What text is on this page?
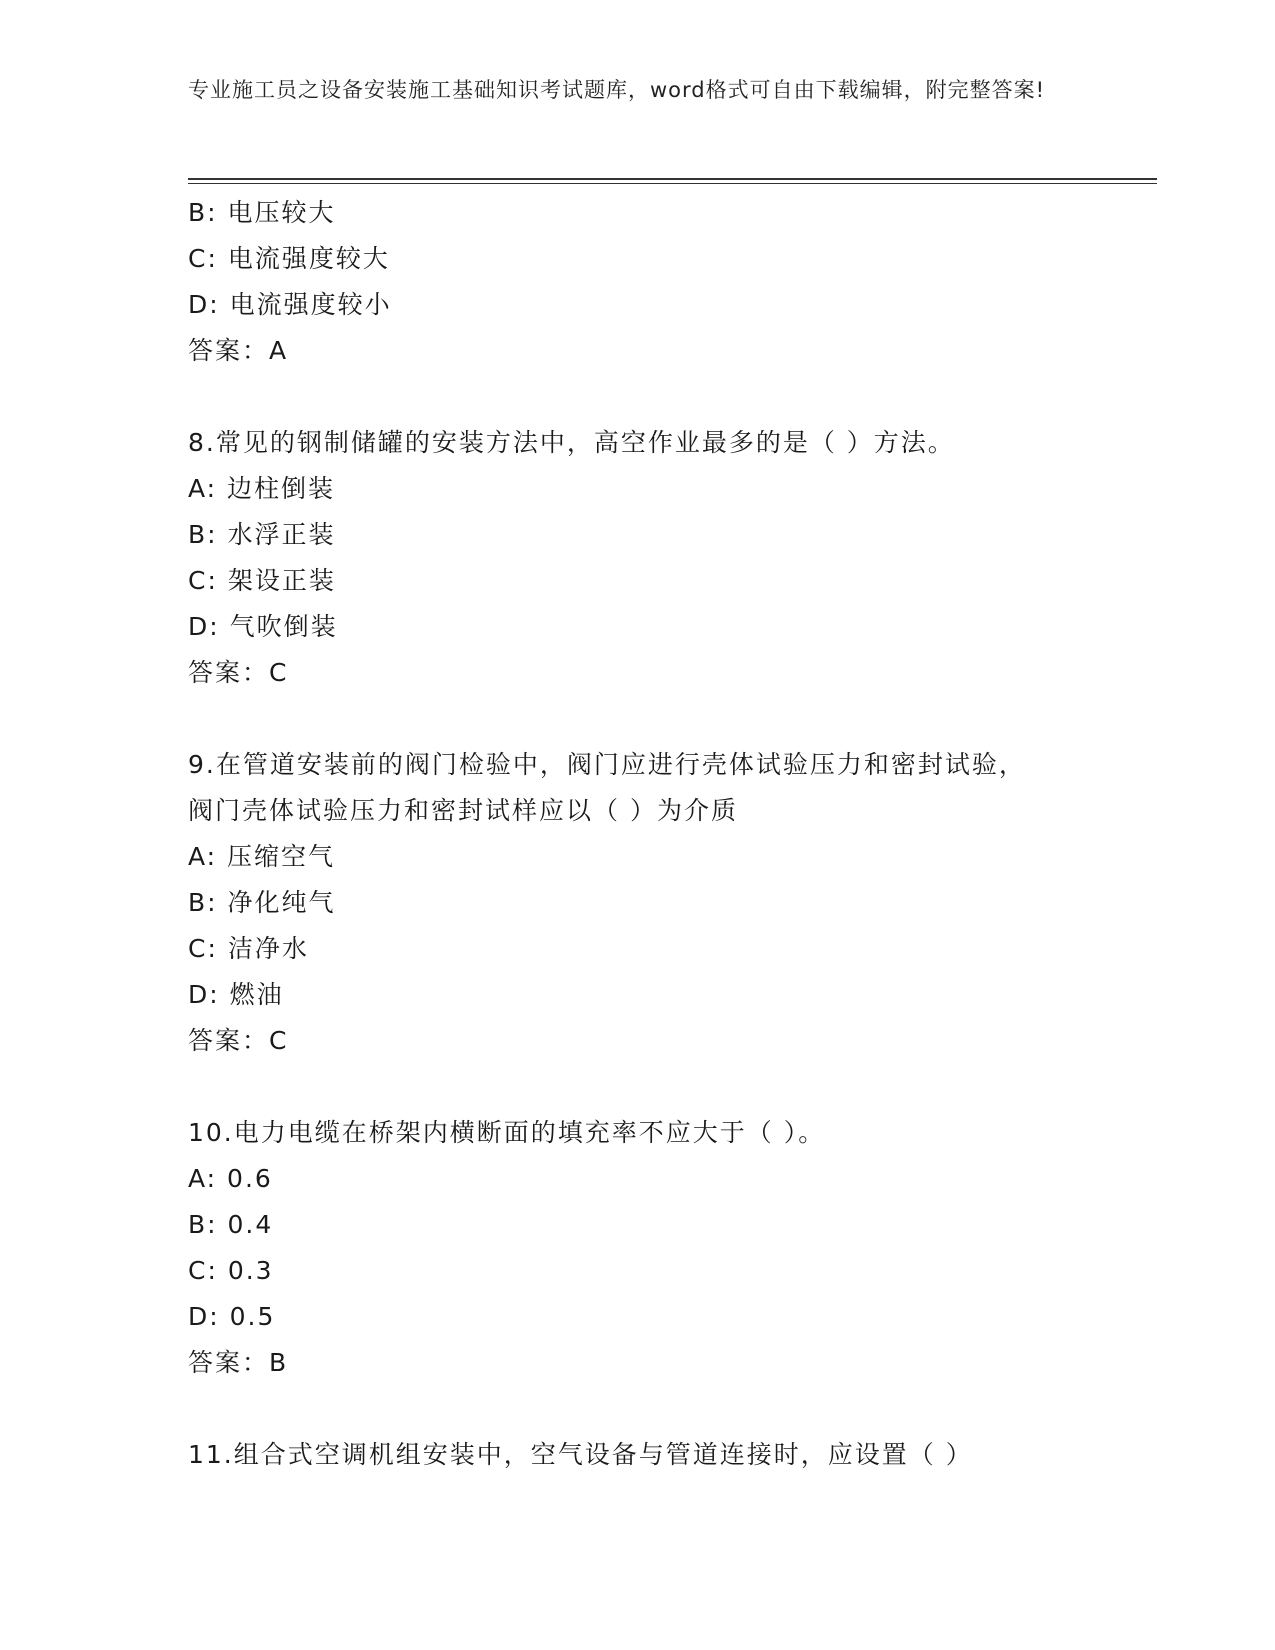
专业施工员之设备安装施工基础知识考试题库，word格式可自由下载编辑，附完整答案!
B: 电压较大
C: 电流强度较大
D: 电流强度较小
答案：A
8.常见的钢制储罐的安装方法中，高空作业最多的是（ ）方法。
A: 边柱倒装
B: 水浮正装
C: 架设正装
D: 气吹倒装
答案：C
9.在管道安装前的阀门检验中，阀门应进行壳体试验压力和密封试验，阀门壳体试验压力和密封试样应以（ ）为介质
A: 压缩空气
B: 净化纯气
C: 洁净水
D: 燃油
答案：C
10.电力电缆在桥架内横断面的填充率不应大于（ ）。
A: 0.6
B: 0.4
C: 0.3
D: 0.5
答案：B
11.组合式空调机组安装中，空气设备与管道连接时，应设置（ ）
